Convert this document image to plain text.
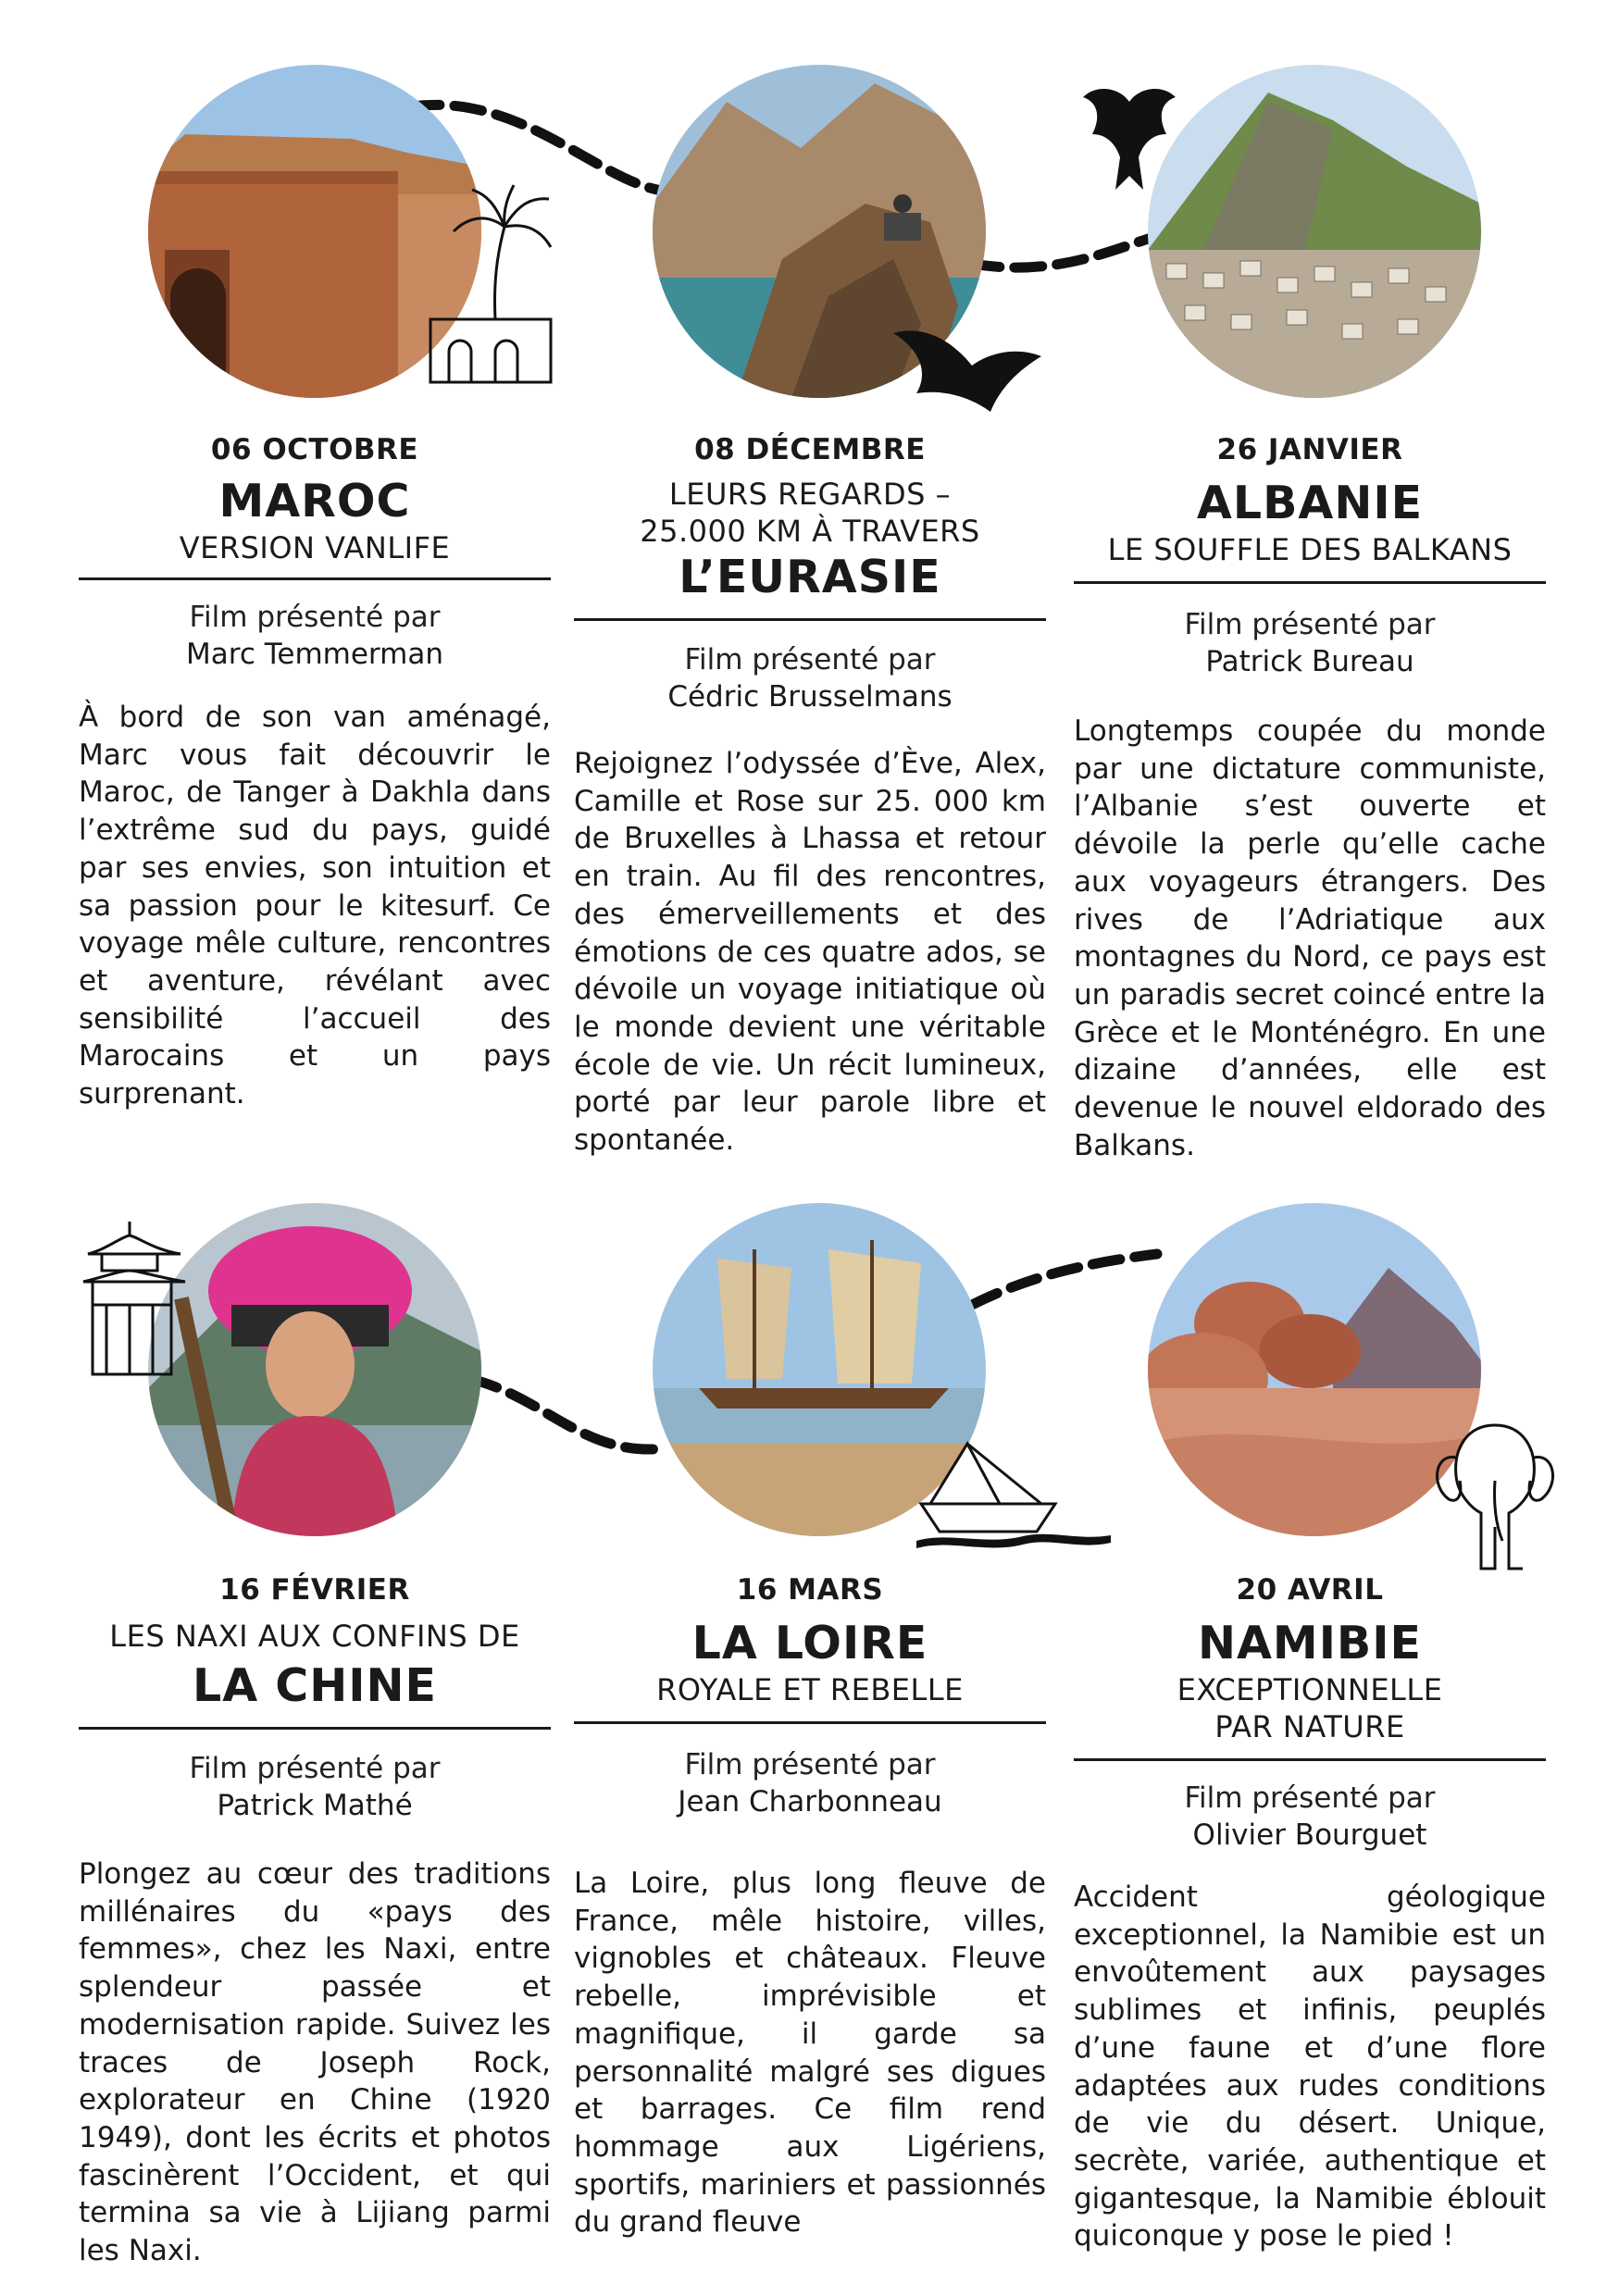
06 OCTOBRE
MAROC
VERSION VANLIFE
Film présenté par
Marc Temmerman
À bord de son van aménagé, Marc vous fait découvrir le Maroc, de Tanger à Dakhla dans l’extrême sud du pays, guidé par ses envies, son intuition et sa passion pour le kitesurf. Ce voyage mêle culture, rencontres et aventure, révélant avec sensibilité l’accueil des Marocains et un pays surprenant.
08 DÉCEMBRE
LEURS REGARDS –
25.000 KM À TRAVERS
L’EURASIE
Film présenté par
Cédric Brusselmans
Rejoignez l’odyssée d’Ève, Alex, Camille et Rose sur 25. 000 km de Bruxelles à Lhassa et retour en train. Au fil des rencontres, des émerveillements et des émotions de ces quatre ados, se dévoile un voyage initiatique où le monde devient une véritable école de vie. Un récit lumineux, porté par leur parole libre et spontanée.
26 JANVIER
ALBANIE
LE SOUFFLE DES BALKANS
Film présenté par
Patrick Bureau
Longtemps coupée du monde par une dictature communiste, l’Albanie s’est ouverte et dévoile la perle qu’elle cache aux voyageurs étrangers. Des rives de l’Adriatique aux montagnes du Nord, ce pays est un paradis secret coincé entre la Grèce et le Monténégro. En une dizaine d’années, elle est devenue le nouvel eldorado des Balkans.
16 FÉVRIER
LES NAXI AUX CONFINS DE
LA CHINE
Film présenté par
Patrick Mathé
Plongez au cœur des traditions millénaires du «pays des femmes», chez les Naxi, entre splendeur passée et modernisation rapide. Suivez les traces de Joseph Rock, explorateur en Chine (1920 1949), dont les écrits et photos fascinèrent l’Occident, et qui termina sa vie à Lijiang parmi les Naxi.
16 MARS
LA LOIRE
ROYALE ET REBELLE
Film présenté par
Jean Charbonneau
La Loire, plus long fleuve de France, mêle histoire, villes, vignobles et châteaux. Fleuve rebelle, imprévisible et magnifique, il garde sa personnalité malgré ses digues et barrages. Ce film rend hommage aux Ligériens, sportifs, mariniers et passionnés du grand fleuve
20 AVRIL
NAMIBIE
EXCEPTIONNELLE
PAR NATURE
Film présenté par
Olivier Bourguet
Accident géologique exceptionnel, la Namibie est un envoûtement aux paysages sublimes et infinis, peuplés d’une faune et d’une flore adaptées aux rudes conditions de vie du désert. Unique, secrète, variée, authentique et gigantesque, la Namibie éblouit quiconque y pose le pied !
